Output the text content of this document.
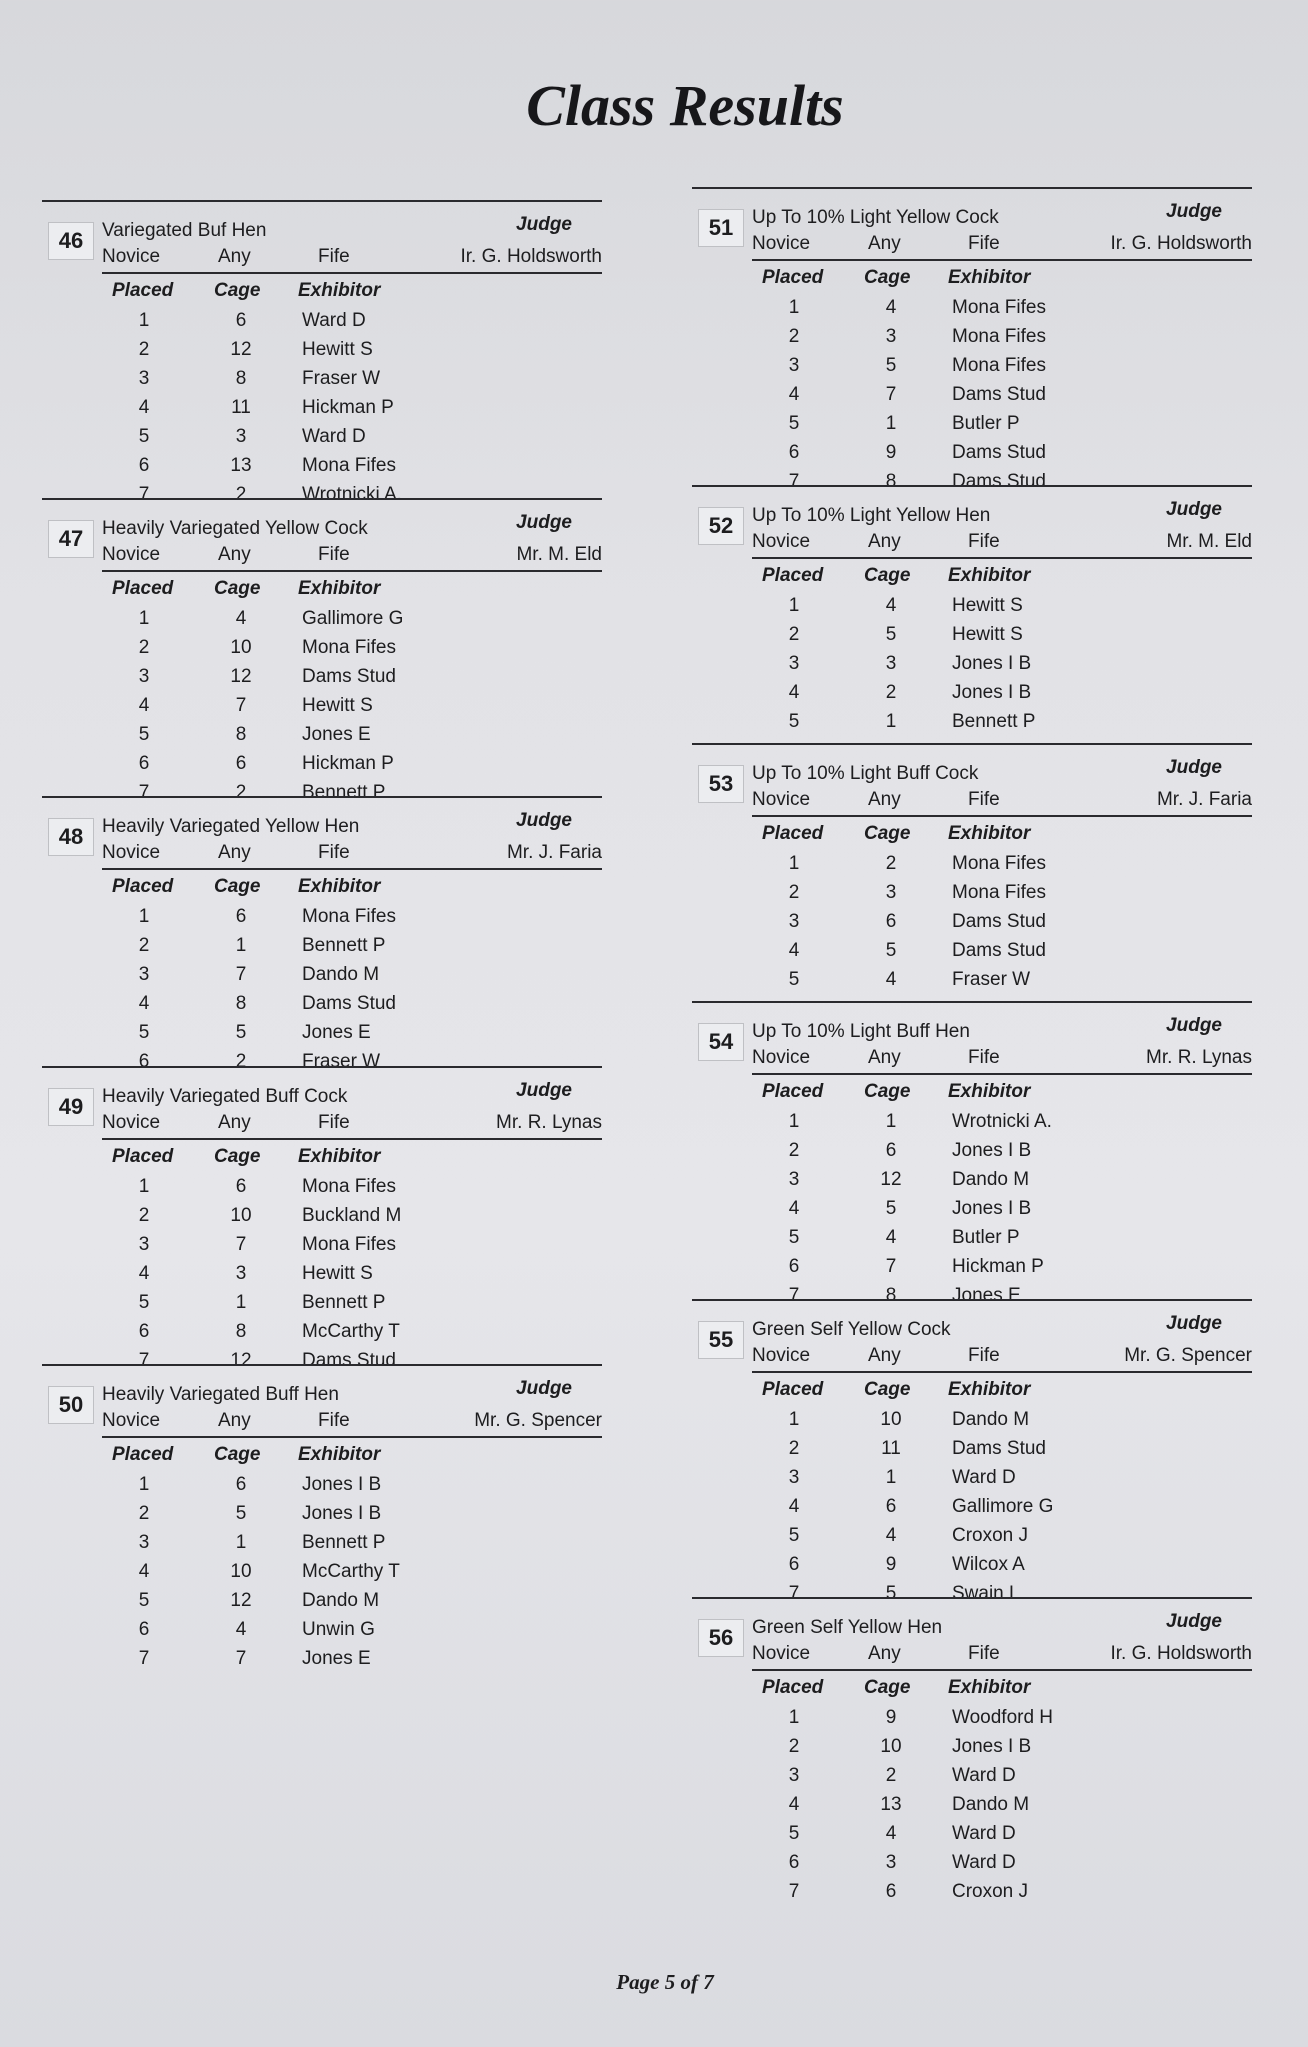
Class Results
46 Variegated Buf Hen	Judge
Novice	Any	Fife	Ir. G. Holdsworth
Placed Cage Exhibitor
1	6	Ward D
2	12	Hewitt S
3	8	Fraser W
4	11	Hickman P
5	3	Ward D
6	13	Mona Fifes
7	2	Wrotnicki A.
47 Heavily Variegated Yellow Cock	Judge
Novice	Any	Fife	Mr. M. Eld
Placed Cage Exhibitor
1	4	Gallimore G
2	10	Mona Fifes
3	12	Dams Stud
4	7	Hewitt S
5	8	Jones E
6	6	Hickman P
7	2	Bennett P
48 Heavily Variegated Yellow Hen	Judge
Novice	Any	Fife	Mr. J. Faria
Placed Cage Exhibitor
1	6	Mona Fifes
2	1	Bennett P
3	7	Dando M
4	8	Dams Stud
5	5	Jones E
6	2	Fraser W
49 Heavily Variegated Buff Cock	Judge
Novice	Any	Fife	Mr. R. Lynas
Placed Cage Exhibitor
1	6	Mona Fifes
2	10	Buckland M
3	7	Mona Fifes
4	3	Hewitt S
5	1	Bennett P
6	8	McCarthy T
7	12	Dams Stud
50 Heavily Variegated Buff Hen	Judge
Novice	Any	Fife	Mr. G. Spencer
Placed Cage Exhibitor
1	6	Jones I B
2	5	Jones I B
3	1	Bennett P
4	10	McCarthy T
5	12	Dando M
6	4	Unwin G
7	7	Jones E
51 Up To 10% Light Yellow Cock	Judge
Novice	Any	Fife	Ir. G. Holdsworth
Placed Cage Exhibitor
1	4	Mona Fifes
2	3	Mona Fifes
3	5	Mona Fifes
4	7	Dams Stud
5	1	Butler P
6	9	Dams Stud
7	8	Dams Stud
52 Up To 10% Light Yellow Hen	Judge
Novice	Any	Fife	Mr. M. Eld
Placed Cage Exhibitor
1	4	Hewitt S
2	5	Hewitt S
3	3	Jones I B
4	2	Jones I B
5	1	Bennett P
53 Up To 10% Light Buff Cock	Judge
Novice	Any	Fife	Mr. J. Faria
Placed Cage Exhibitor
1	2	Mona Fifes
2	3	Mona Fifes
3	6	Dams Stud
4	5	Dams Stud
5	4	Fraser W
54 Up To 10% Light Buff Hen	Judge
Novice	Any	Fife	Mr. R. Lynas
Placed Cage Exhibitor
1	1	Wrotnicki A.
2	6	Jones I B
3	12	Dando M
4	5	Jones I B
5	4	Butler P
6	7	Hickman P
7	8	Jones E
55 Green Self Yellow Cock	Judge
Novice	Any	Fife	Mr. G. Spencer
Placed Cage Exhibitor
1	10	Dando M
2	11	Dams Stud
3	1	Ward D
4	6	Gallimore G
5	4	Croxon J
6	9	Wilcox A
7	5	Swain L
56 Green Self Yellow Hen	Judge
Novice	Any	Fife	Ir. G. Holdsworth
Placed Cage Exhibitor
1	9	Woodford H
2	10	Jones I B
3	2	Ward D
4	13	Dando M
5	4	Ward D
6	3	Ward D
7	6	Croxon J
Page 5 of 7
